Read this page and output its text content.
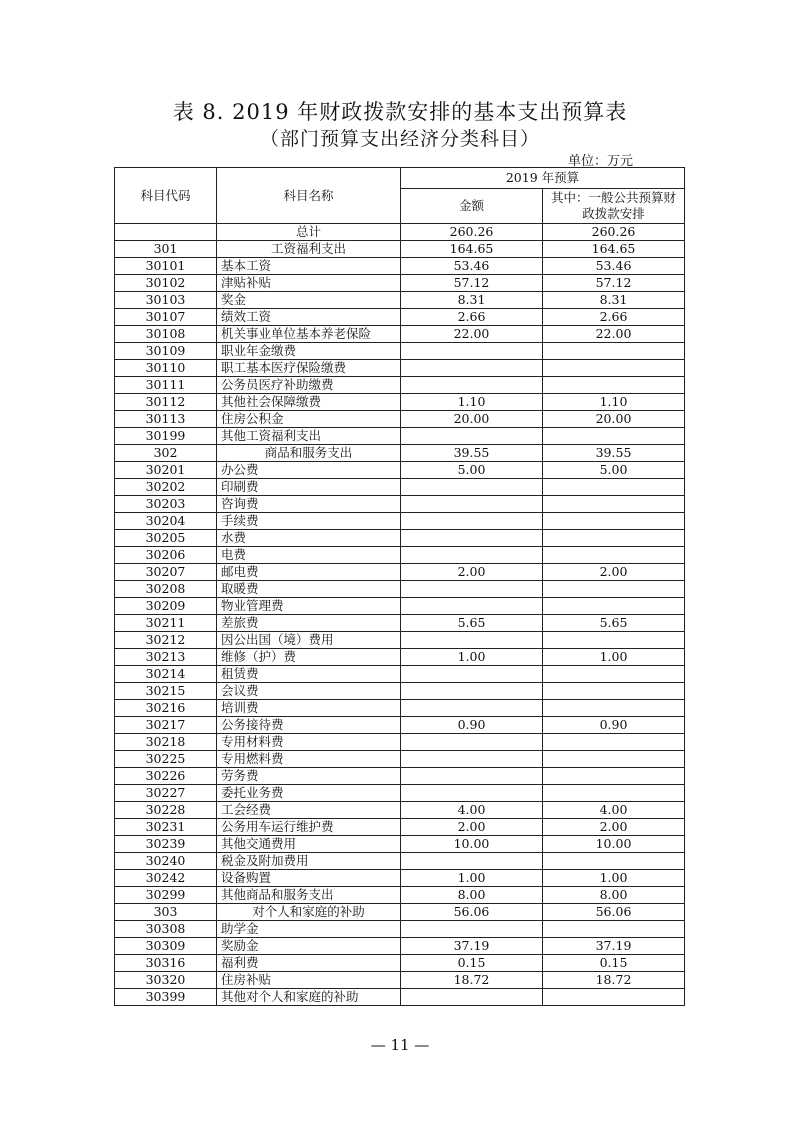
表 8. 2019 年财政拨款安排的基本支出预算表
（部门预算支出经济分类科目）
单位：万元
科目代码	科目名称	2019 年预算	
		金额	其中：一般公共预算财政拨款安排
	总计	260.26	260.26
301	工资福利支出	164.65	164.65
30101	基本工资	53.46	53.46
30102	津贴补贴	57.12	57.12
30103	奖金	8.31	8.31
30107	绩效工资	2.66	2.66
30108	机关事业单位基本养老保险	22.00	22.00
30109	职业年金缴费		
30110	职工基本医疗保险缴费		
30111	公务员医疗补助缴费		
30112	其他社会保障缴费	1.10	1.10
30113	住房公积金	20.00	20.00
30199	其他工资福利支出		
302	商品和服务支出	39.55	39.55
30201	办公费	5.00	5.00
30202	印刷费		
30203	咨询费		
30204	手续费		
30205	水费		
30206	电费		
30207	邮电费	2.00	2.00
30208	取暖费		
30209	物业管理费		
30211	差旅费	5.65	5.65
30212	因公出国（境）费用		
30213	维修（护）费	1.00	1.00
30214	租赁费		
30215	会议费		
30216	培训费		
30217	公务接待费	0.90	0.90
30218	专用材料费		
30225	专用燃料费		
30226	劳务费		
30227	委托业务费		
30228	工会经费	4.00	4.00
30231	公务用车运行维护费	2.00	2.00
30239	其他交通费用	10.00	10.00
30240	税金及附加费用		
30242	设备购置	1.00	1.00
30299	其他商品和服务支出	8.00	8.00
303	对个人和家庭的补助	56.06	56.06
30308	助学金		
30309	奖励金	37.19	37.19
30316	福利费	0.15	0.15
30320	住房补贴	18.72	18.72
30399	其他对个人和家庭的补助		
— 11 —
